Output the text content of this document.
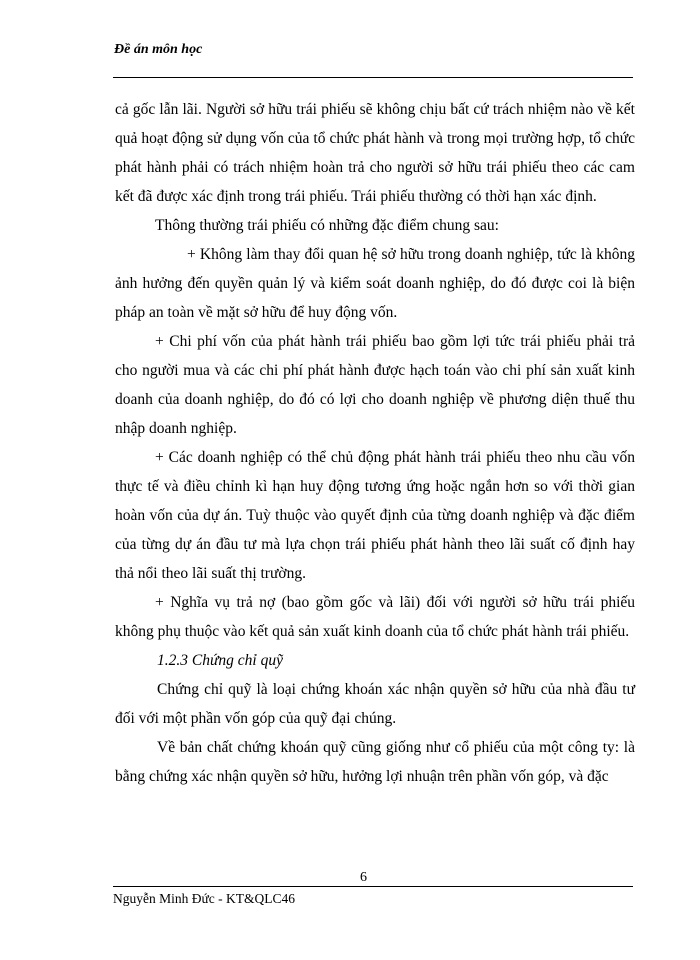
Đề án môn học

cả gốc lẫn lãi. Người sở hữu trái phiếu sẽ không chịu bất cứ trách nhiệm nào về kết quả hoạt động sử dụng vốn của tổ chức phát hành và trong mọi trường hợp, tổ chức phát hành phải có trách nhiệm hoàn trả cho người sở hữu trái phiếu theo các cam kết đã được xác định trong trái phiếu. Trái phiếu thường có thời hạn xác định.

Thông thường trái phiếu có những đặc điểm chung sau:

+ Không làm thay đổi quan hệ sở hữu trong doanh nghiệp, tức là không ảnh hưởng đến quyền quản lý và kiểm soát doanh nghiệp, do đó được coi là biện pháp an toàn về mặt sở hữu để huy động vốn.

+ Chi phí vốn của phát hành trái phiếu bao gồm lợi tức trái phiếu phải trả cho người mua và các chi phí phát hành được hạch toán vào chi phí sản xuất kinh doanh của doanh nghiệp, do đó có lợi cho doanh nghiệp về phương diện thuế thu nhập doanh nghiệp.

+ Các doanh nghiệp có thể chủ động phát hành trái phiếu theo nhu cầu vốn thực tế và điều chỉnh kì hạn huy động tương ứng hoặc ngắn hơn so với thời gian hoàn vốn của dự án. Tuỳ thuộc vào quyết định của từng doanh nghiệp và đặc điểm của từng dự án đầu tư mà lựa chọn trái phiếu phát hành theo lãi suất cố định hay thả nổi theo lãi suất thị trường.

+ Nghĩa vụ trả nợ (bao gồm gốc và lãi) đối với người sở hữu trái phiếu không phụ thuộc vào kết quả sản xuất kinh doanh của tổ chức phát hành trái phiếu.

1.2.3 Chứng chỉ quỹ

Chứng chỉ quỹ là loại chứng khoán xác nhận quyền sở hữu của nhà đầu tư đối với một phần vốn góp của quỹ đại chúng.

Về bản chất chứng khoán quỹ cũng giống như cổ phiếu của một công ty: là bằng chứng xác nhận quyền sở hữu, hưởng lợi nhuận trên phần vốn góp, và đặc

6
Nguyễn Minh Đức - KT&QLC46
